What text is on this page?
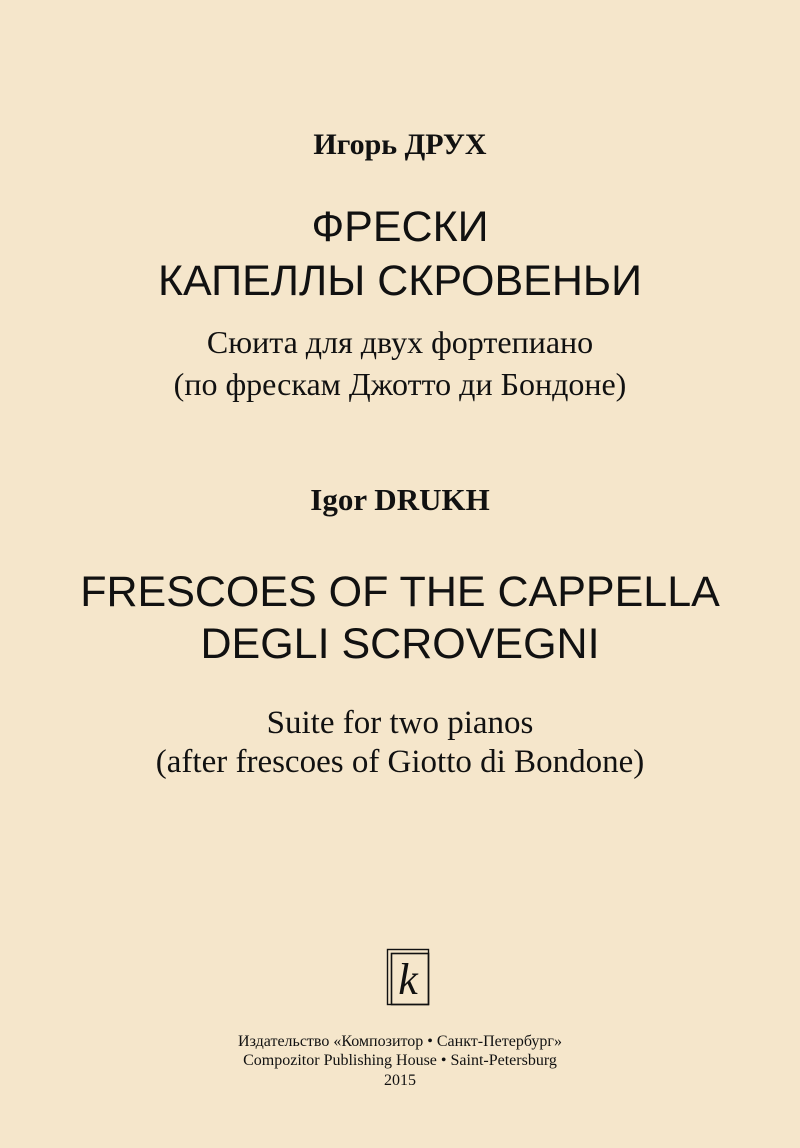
Игорь ДРУХ
ФРЕСКИ
КАПЕЛЛЫ СКРОВЕНЬИ
Сюита для двух фортепиано
(по фрескам Джотто ди Бондоне)
Igor DRUKH
FRESCOES OF THE CAPPELLA
DEGLI SCROVEGNI
Suite for two pianos
(after frescoes of Giotto di Bondone)
k
Издательство «Композитор • Санкт-Петербург»
Compozitor Publishing House • Saint-Petersburg
2015
